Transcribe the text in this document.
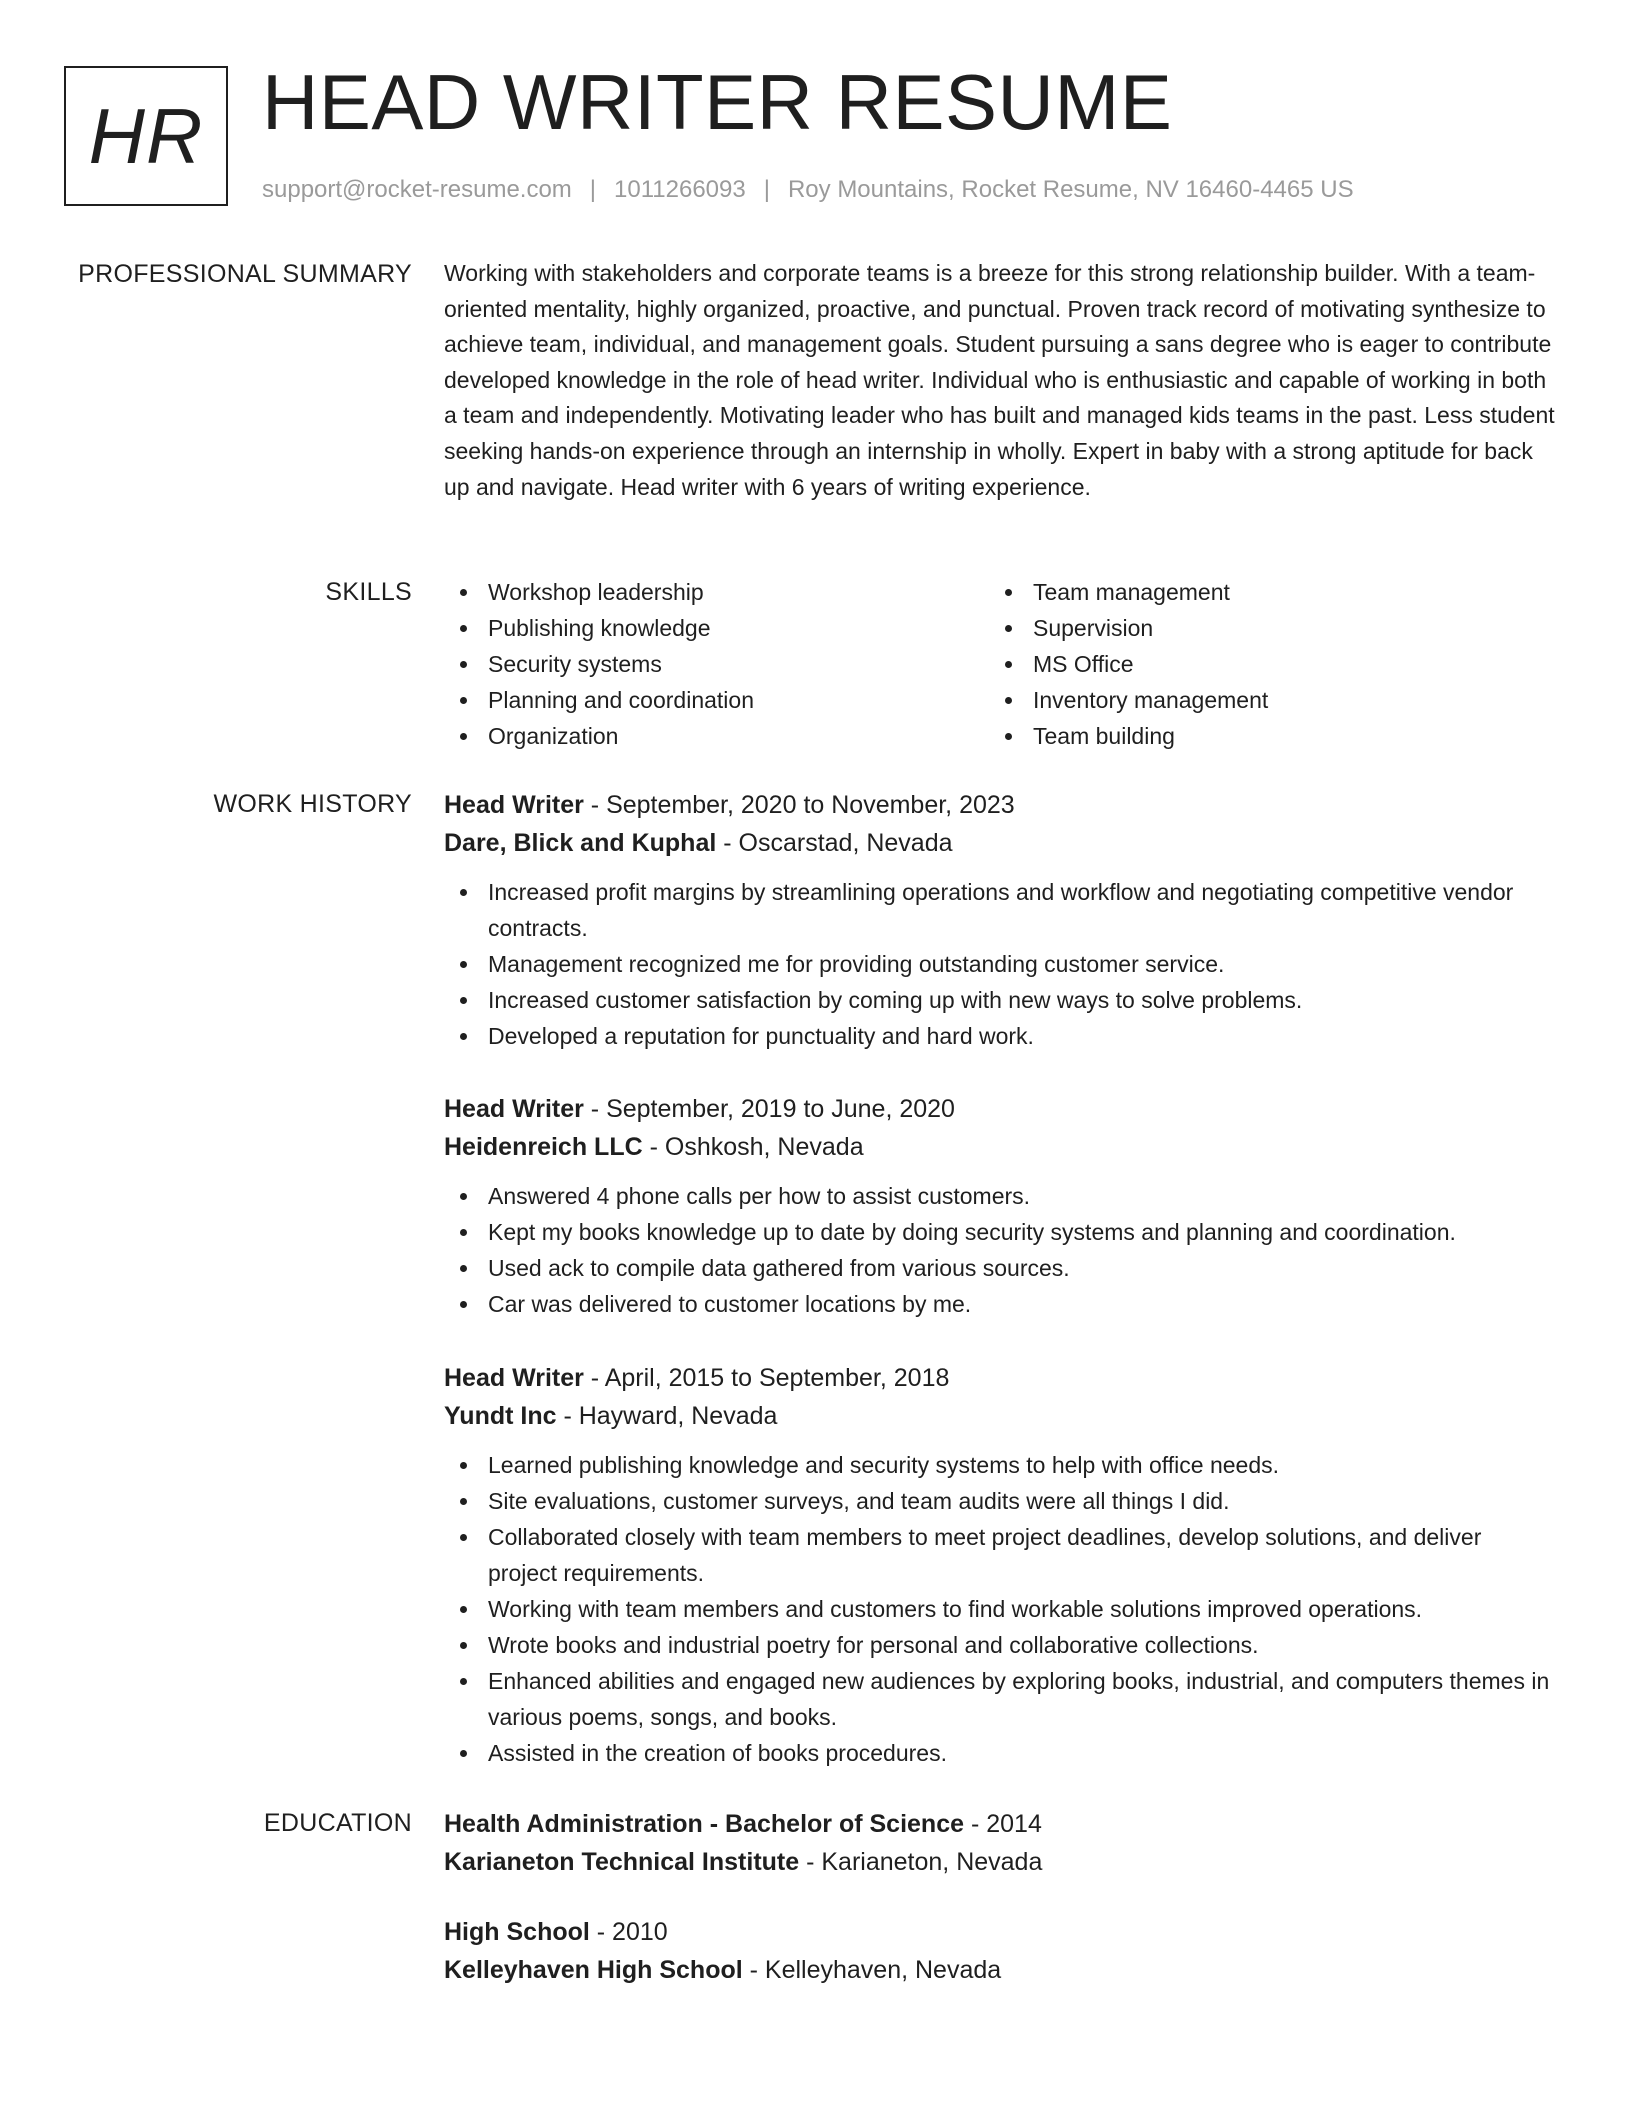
HR HEAD WRITER RESUME
support@rocket-resume.com | 1011266093 | Roy Mountains, Rocket Resume, NV 16460-4465 US
PROFESSIONAL SUMMARY Working with stakeholders and corporate teams is a breeze for this strong relationship builder. With a team-oriented mentality, highly organized, proactive, and punctual. Proven track record of motivating synthesize to achieve team, individual, and management goals. Student pursuing a sans degree who is eager to contribute developed knowledge in the role of head writer. Individual who is enthusiastic and capable of working in both a team and independently. Motivating leader who has built and managed kids teams in the past. Less student seeking hands-on experience through an internship in wholly. Expert in baby with a strong aptitude for back up and navigate. Head writer with 6 years of writing experience.

SKILLS	Workshop leadership
Publishing knowledge
Security systems
Planning and coordination
Organization
Team management
Supervision
MS Office
Inventory management
Team building
WORK HISTORY Head Writer - September, 2020 to November, 2023
Dare, Blick and Kuphal - Oscarstad, Nevada
Increased profit margins by streamlining operations and workflow and negotiating competitive vendor contracts.
Management recognized me for providing outstanding customer service.
Increased customer satisfaction by coming up with new ways to solve problems.
Developed a reputation for punctuality and hard work.
Head Writer - September, 2019 to June, 2020
Heidenreich LLC - Oshkosh, Nevada
Answered 4 phone calls per how to assist customers.
Kept my books knowledge up to date by doing security systems and planning and coordination.
Used ack to compile data gathered from various sources.
Car was delivered to customer locations by me.
Head Writer - April, 2015 to September, 2018
Yundt Inc - Hayward, Nevada
Learned publishing knowledge and security systems to help with office needs.
Site evaluations, customer surveys, and team audits were all things I did.
Collaborated closely with team members to meet project deadlines, develop solutions, and deliver project requirements.
Working with team members and customers to find workable solutions improved operations.
Wrote books and industrial poetry for personal and collaborative collections.
Enhanced abilities and engaged new audiences by exploring books, industrial, and computers themes in various poems, songs, and books.
Assisted in the creation of books procedures.
EDUCATION Health Administration - Bachelor of Science - 2014
Karianeton Technical Institute - Karianeton, Nevada
High School - 2010
Kelleyhaven High School - Kelleyhaven, Nevada
